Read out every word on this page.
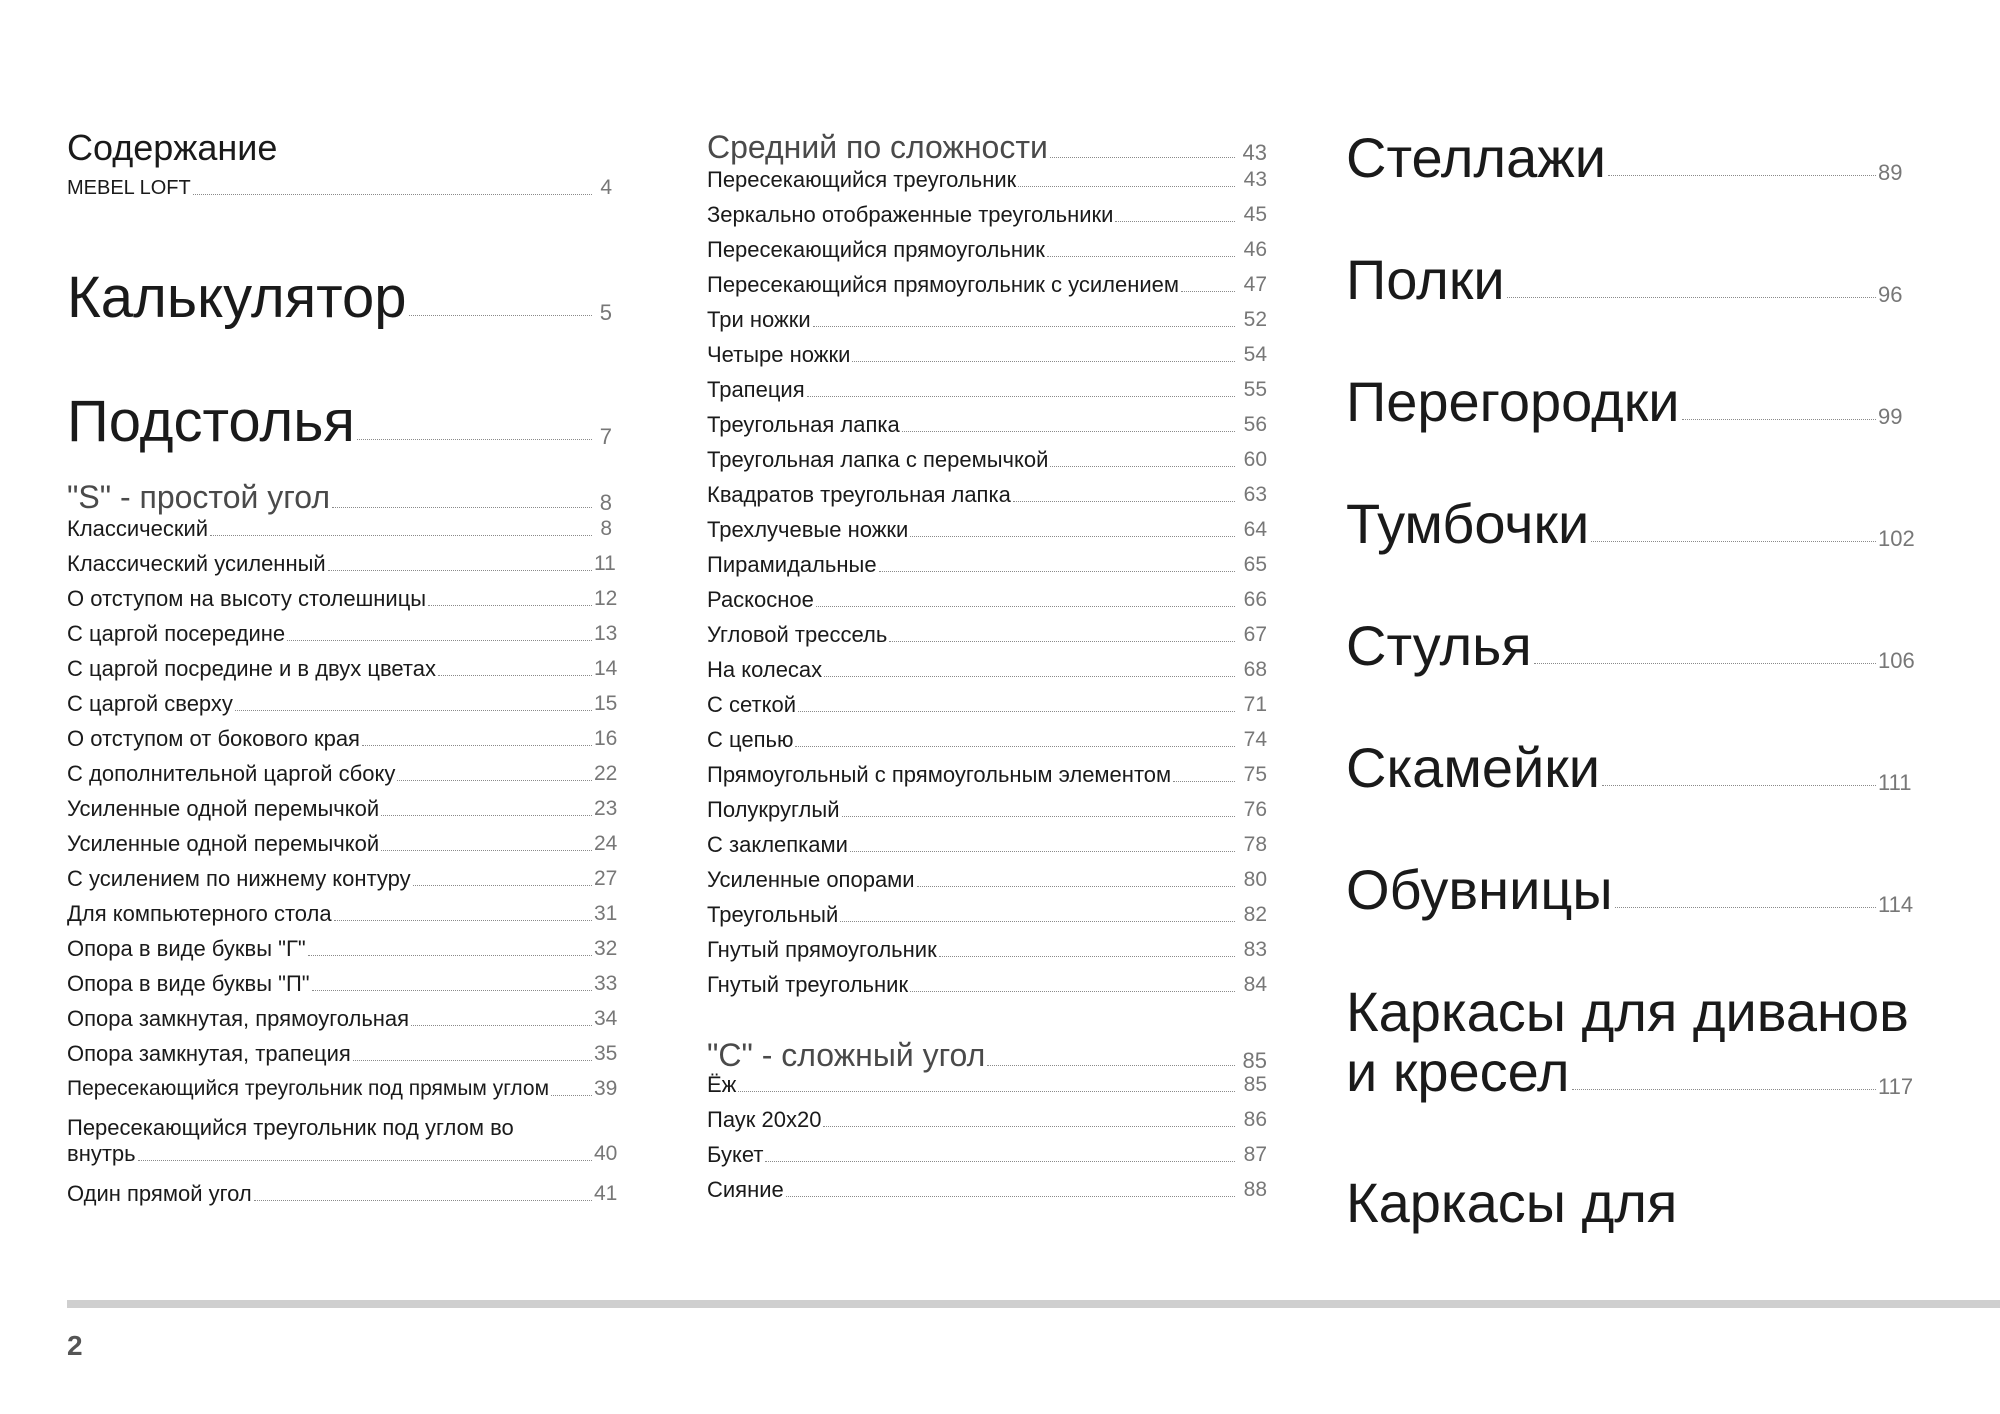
Содержание
MEBEL LOFT	4
Калькулятор	5
Подстолья	7
"S" - простой угол	8
Классический	8
Классический усиленный	11
О отступом на высоту столешницы	12
С царгой посередине	13
С царгой посредине и в двух цветах	14
С царгой сверху	15
О отступом от бокового края	16
С дополнительной царгой сбоку	22
Усиленные одной перемычкой	23
Усиленные одной перемычкой	24
С усилением по нижнему контуру	27
Для компьютерного стола	31
Опора в виде буквы "Г"	32
Опора в виде буквы "П"	33
Опора замкнутая, прямоугольная	34
Опора замкнутая, трапеция	35
Пересекающийся треугольник под прямым углом 39
Пересекающийся треугольник под углом во
внутрь	40
Один прямой угол	41
Средний по сложности	43
Пересекающийся треугольник	43
Зеркально отображенные треугольники	45
Пересекающийся прямоугольник	46
Пересекающийся прямоугольник с усилением	47
Три ножки	52
Четыре ножки	54
Трапеция	55
Треугольная лапка	56
Треугольная лапка с перемычкой	60
Квадратов треугольная лапка	63
Трехлучевые ножки	64
Пирамидальные	65
Раскосное	66
Угловой трессель	67
На колесах	68
С сеткой	71
С цепью	74
Прямоугольный с прямоугольным элементом	75
Полукруглый	76
С заклепками	78
Усиленные опорами	80
Треугольный	82
Гнутый прямоугольник	83
Гнутый треугольник	84
"C" - сложный угол	85
Ёж	85
Паук 20х20	86
Букет	87
Сияние	88
Стеллажи	89
Полки	96
Перегородки	99
Тумбочки	102
Стулья	106
Скамейки	111
Обувницы	114
Каркасы для диванов
и кресел	117
Каркасы для
2
